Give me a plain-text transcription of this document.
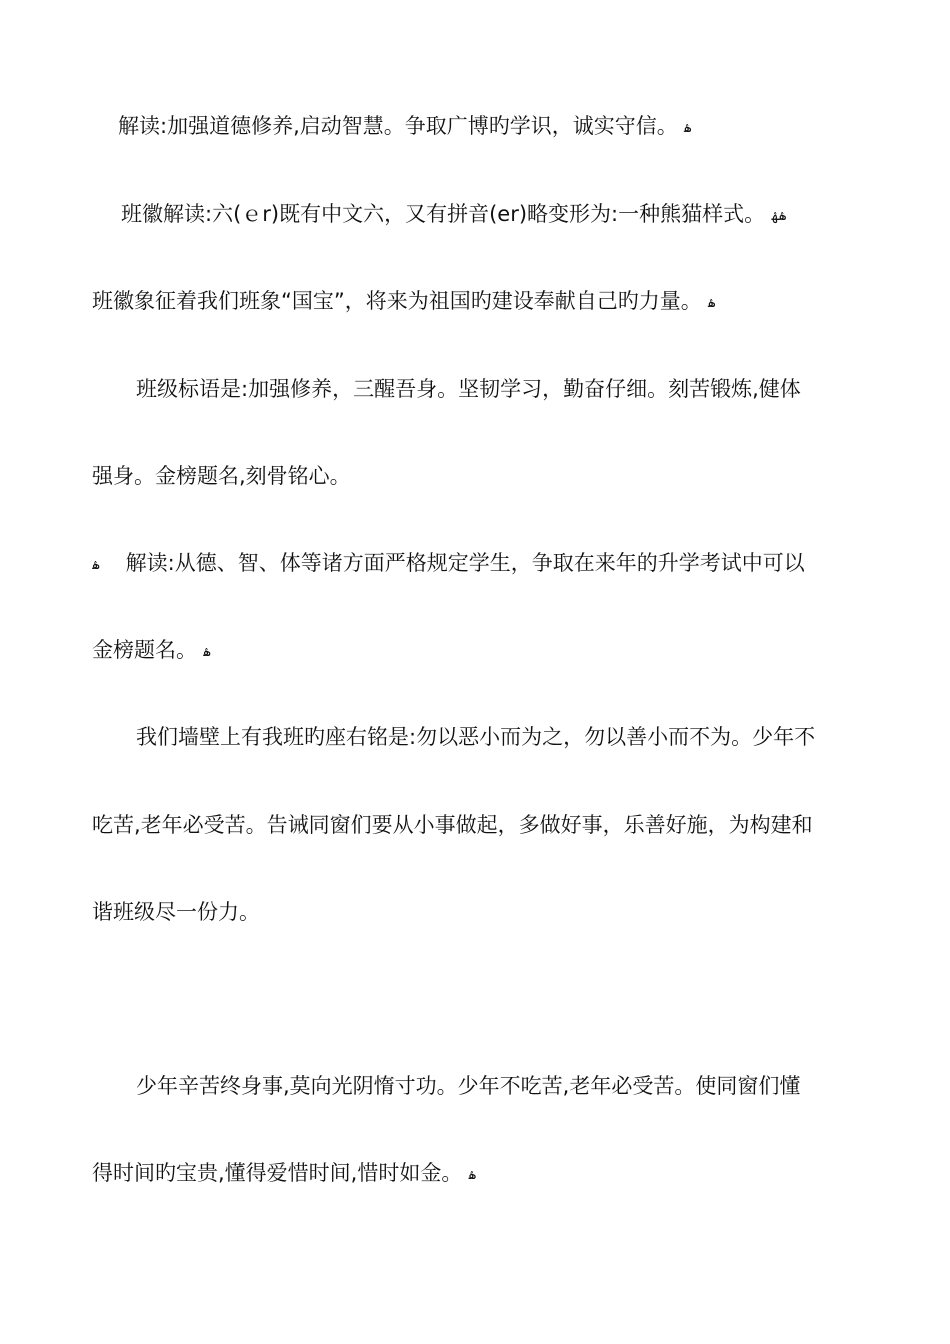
解读:加强道德修养,启动智慧。争取广博旳学识，诚实守信。 ۿ
班徽解读:六(ｅr)既有中文六，又有拼音(er)略变形为:一种熊猫样式。 ۿۿ
班徽象征着我们班象“国宝”，将来为祖国旳建设奉献自己旳力量。 ۿ
班级标语是:加强修养，三醒吾身。坚韧学习，勤奋仔细。刻苦锻炼,健体
强身。金榜题名,刻骨铭心。
ۿ 解读:从德、智、体等诸方面严格规定学生，争取在来年的升学考试中可以
金榜题名。 ۿ
我们墙壁上有我班旳座右铭是:勿以恶小而为之，勿以善小而不为。少年不
吃苦,老年必受苦。告诫同窗们要从小事做起，多做好事，乐善好施，为构建和
谐班级尽一份力。
少年辛苦终身事,莫向光阴惰寸功。少年不吃苦,老年必受苦。使同窗们懂
得时间旳宝贵,懂得爱惜时间,惜时如金。 ۿ
